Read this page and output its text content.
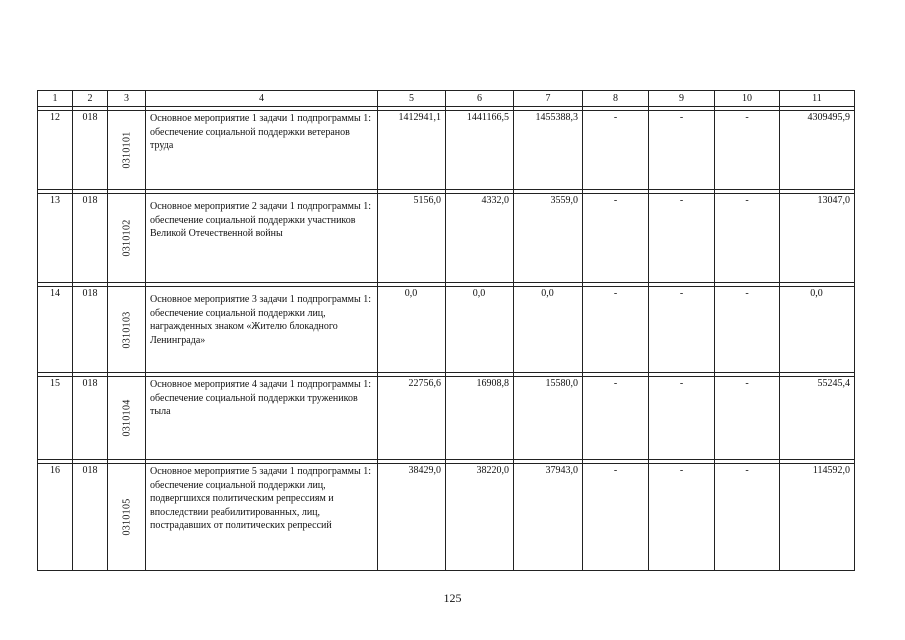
1	2	3	4	5	6	7	8	9	10	11

12	018	0310101	Основное мероприятие 1 задачи 1 подпрограммы 1: обеспечение социальной поддержки ветеранов труда	1412941,1	1441166,5	1455388,3	-	-	-	4309495,9

13	018	0310102	Основное мероприятие 2 задачи 1 подпрограммы 1: обеспечение социальной поддержки участников Великой Отечественной войны	5156,0	4332,0	3559,0	-	-	-	13047,0

14	018	0310103	Основное мероприятие 3 задачи 1 подпрограммы 1: обеспечение социальной поддержки лиц, награжденных знаком «Жителю блокадного Ленинграда»	0,0	0,0	0,0	-	-	-	0,0

15	018	0310104	Основное мероприятие 4 задачи 1 подпрограммы 1: обеспечение социальной поддержки тружеников тыла	22756,6	16908,8	15580,0	-	-	-	55245,4

16	018	0310105	Основное мероприятие 5 задачи 1 подпрограммы 1: обеспечение социальной поддержки лиц, подвергшихся политическим репрессиям и впоследствии реабилитированных, лиц, пострадавших от политических репрессий	38429,0	38220,0	37943,0	-	-	-	114592,0
125
